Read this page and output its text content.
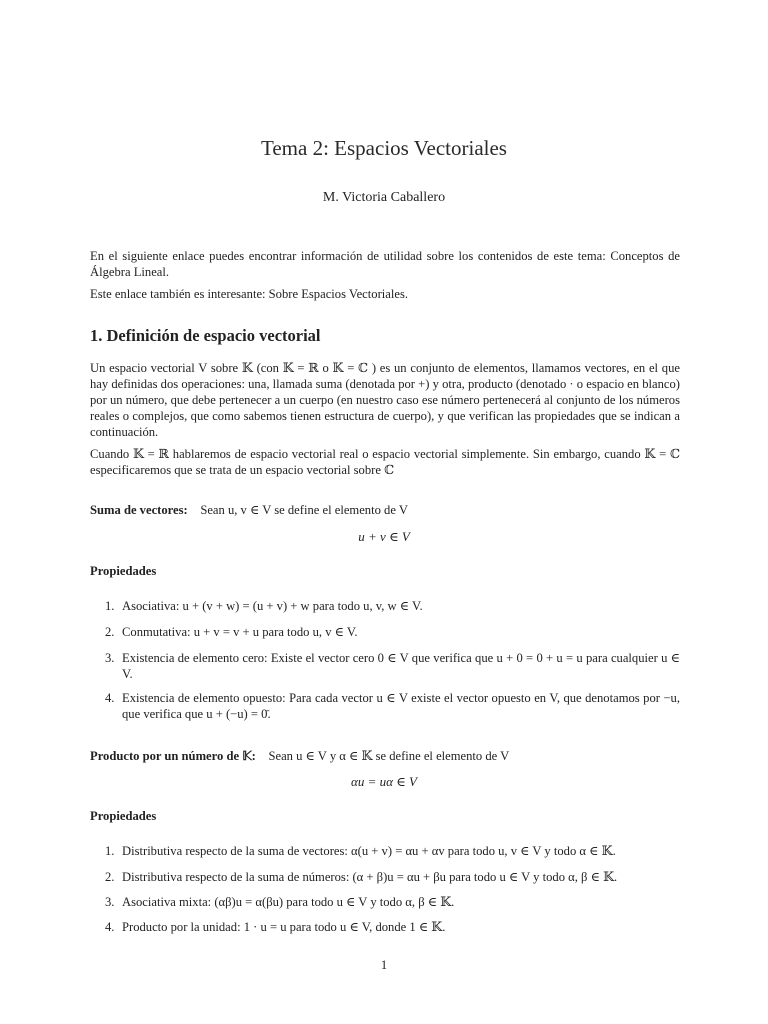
Tema 2: Espacios Vectoriales
M. Victoria Caballero
En el siguiente enlace puedes encontrar información de utilidad sobre los contenidos de este tema: Conceptos de Álgebra Lineal.
Este enlace también es interesante: Sobre Espacios Vectoriales.
1. Definición de espacio vectorial
Un espacio vectorial V sobre 𝕂 (con 𝕂 = ℝ o 𝕂 = ℂ ) es un conjunto de elementos, llamamos vectores, en el que hay definidas dos operaciones: una, llamada suma (denotada por +) y otra, producto (denotado · o espacio en blanco) por un número, que debe pertenecer a un cuerpo (en nuestro caso ese número pertenecerá al conjunto de los números reales o complejos, que como sabemos tienen estructura de cuerpo), y que verifican las propiedades que se indican a continuación.
Cuando 𝕂 = ℝ hablaremos de espacio vectorial real o espacio vectorial simplemente. Sin embargo, cuando 𝕂 = ℂ especificaremos que se trata de un espacio vectorial sobre ℂ
Suma de vectores: Sean u, v ∈ V se define el elemento de V
u + v ∈ V
Propiedades
1. Asociativa: u + (v + w) = (u + v) + w para todo u, v, w ∈ V.
2. Conmutativa: u + v = v + u para todo u, v ∈ V.
3. Existencia de elemento cero: Existe el vector cero 0 ∈ V que verifica que u + 0 = 0 + u = u para cualquier u ∈ V.
4. Existencia de elemento opuesto: Para cada vector u ∈ V existe el vector opuesto en V, que denotamos por −u, que verifica que u + (−u) = 0̄.
Producto por un número de 𝕂: Sean u ∈ V y α ∈ 𝕂 se define el elemento de V
αu = uα ∈ V
Propiedades
1. Distributiva respecto de la suma de vectores: α(u + v) = αu + αv para todo u, v ∈ V y todo α ∈ 𝕂.
2. Distributiva respecto de la suma de números: (α + β)u = αu + βu para todo u ∈ V y todo α, β ∈ 𝕂.
3. Asociativa mixta: (αβ)u = α(βu) para todo u ∈ V y todo α, β ∈ 𝕂.
4. Producto por la unidad: 1 · u = u para todo u ∈ V, donde 1 ∈ 𝕂.
1
